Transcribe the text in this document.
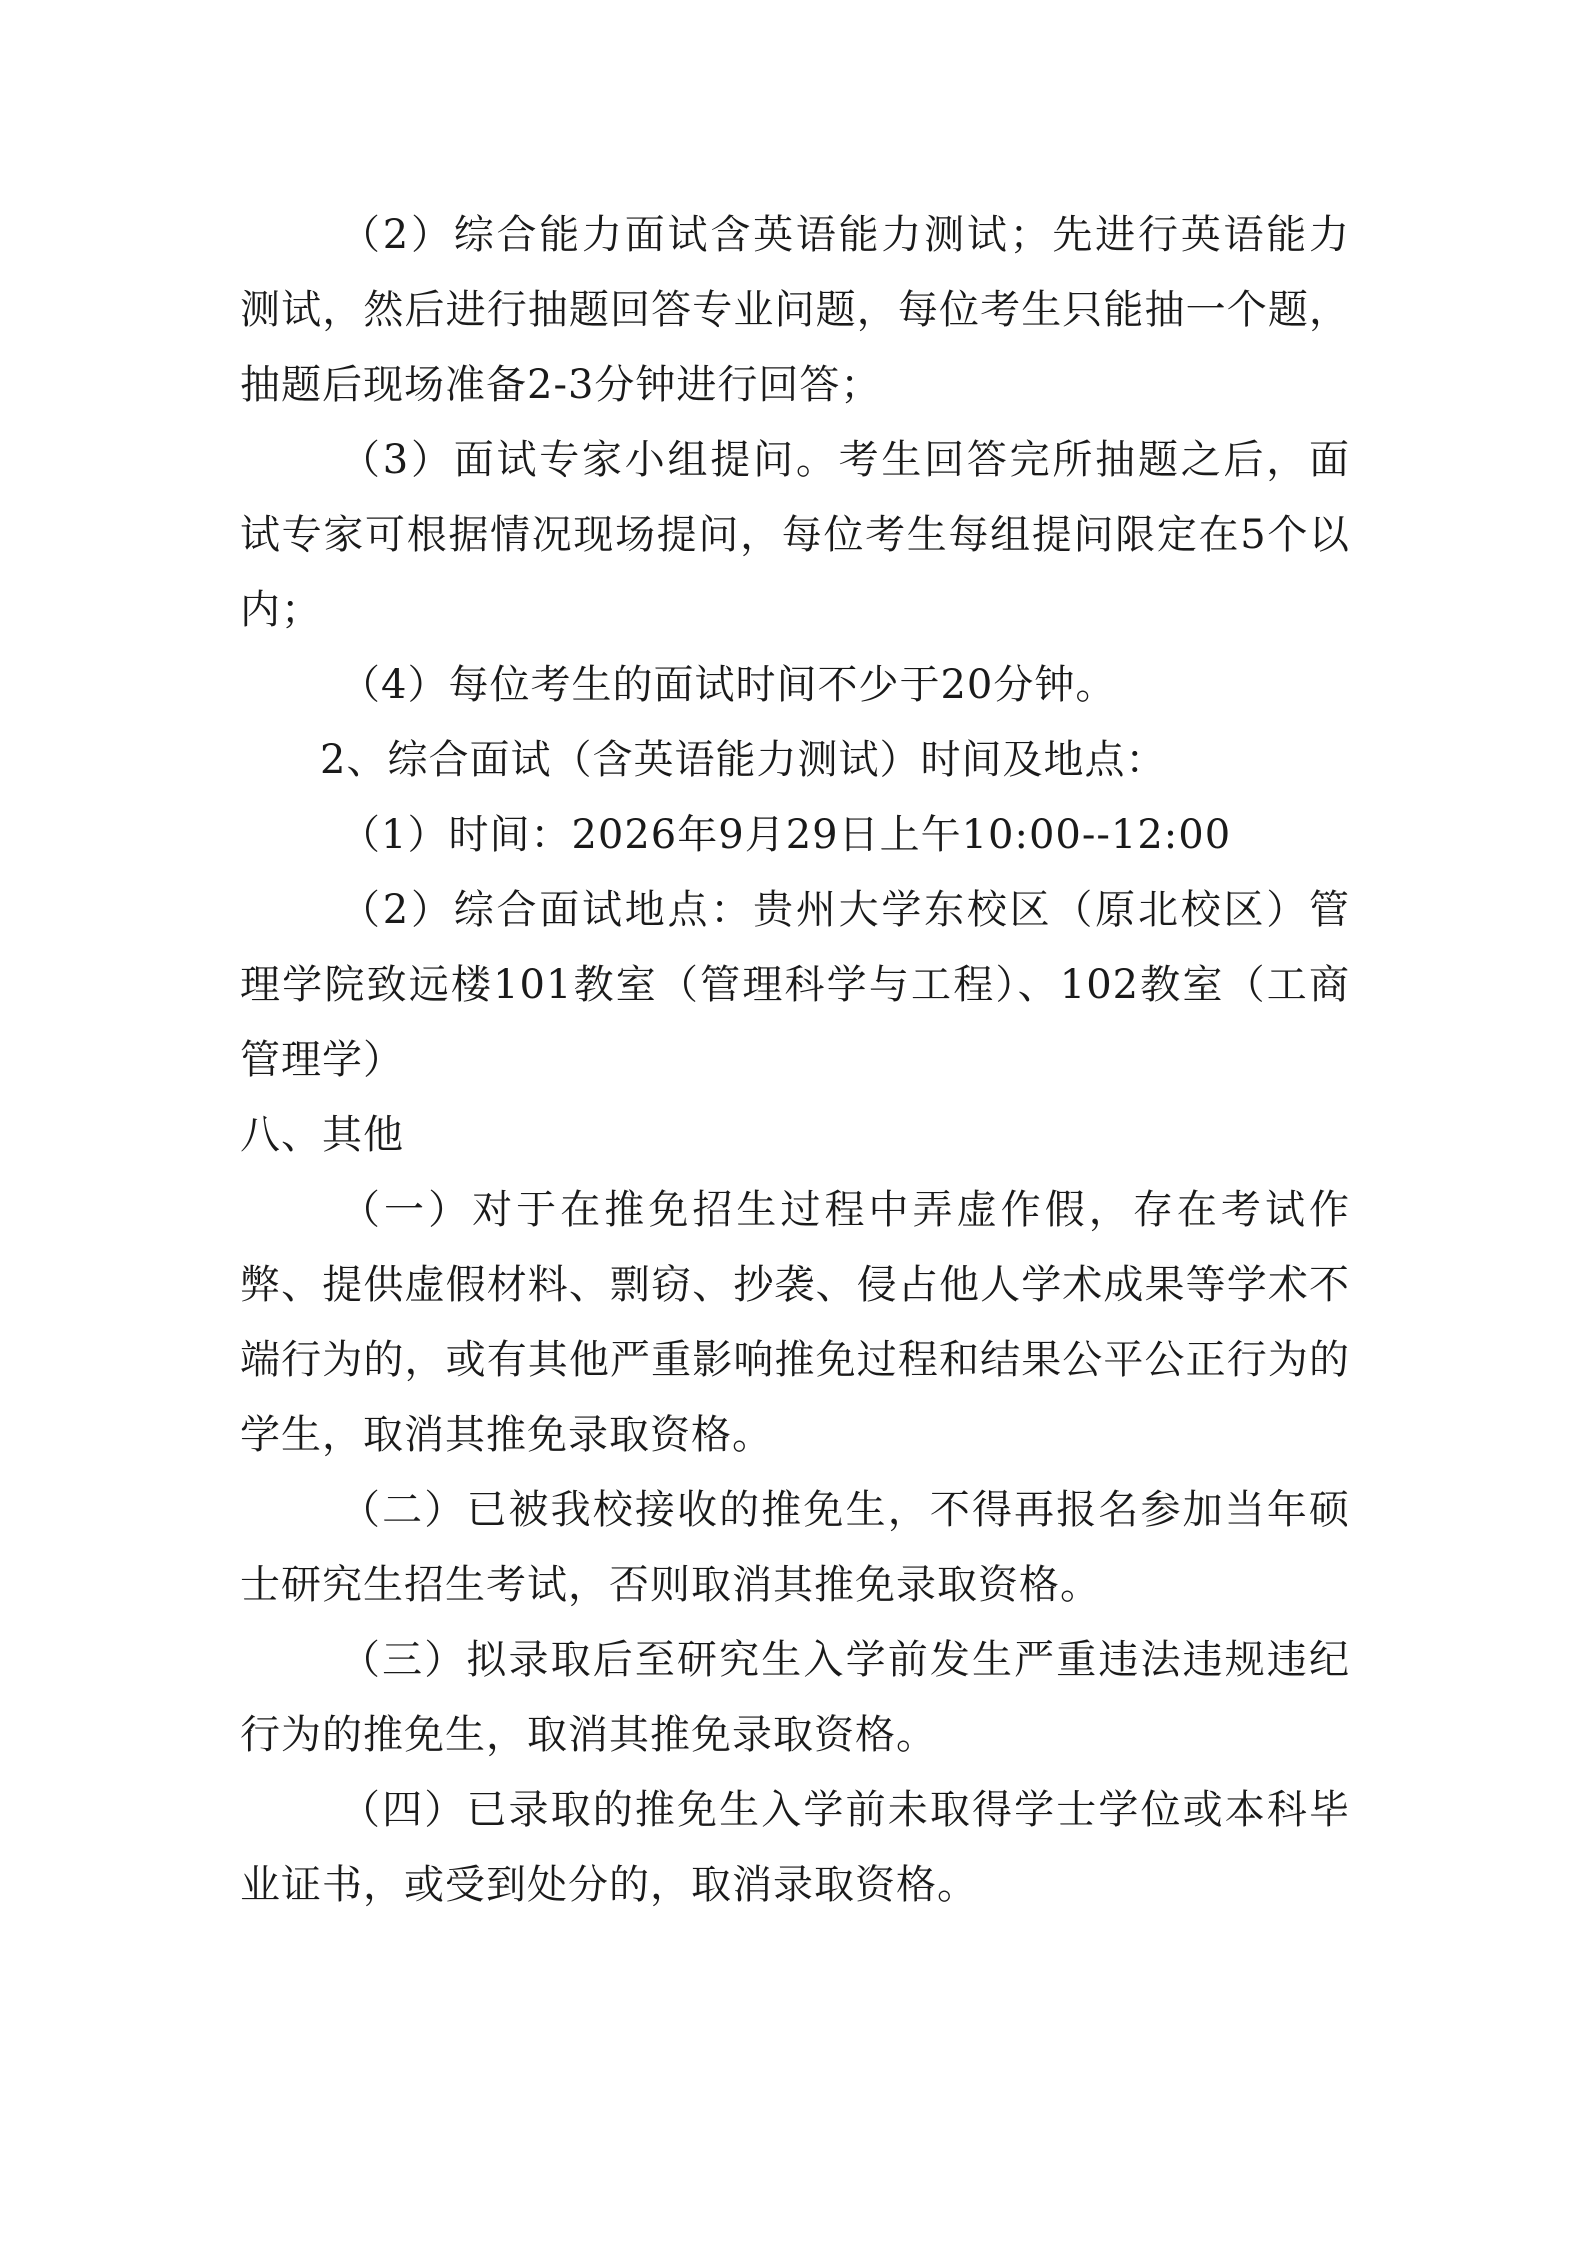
（2）综合能力面试含英语能力测试；先进行英语能力测试，然后进行抽题回答专业问题，每位考生只能抽一个题，抽题后现场准备2-3分钟进行回答；

（3）面试专家小组提问。考生回答完所抽题之后，面试专家可根据情况现场提问，每位考生每组提问限定在5个以内；

（4）每位考生的面试时间不少于20分钟。

2、综合面试（含英语能力测试）时间及地点：

（1）时间：2026年9月29日上午10:00--12:00

（2）综合面试地点：贵州大学东校区（原北校区）管理学院致远楼101教室（管理科学与工程）、102教室（工商管理学）

八、其他

（一）对于在推免招生过程中弄虚作假，存在考试作弊、提供虚假材料、剽窃、抄袭、侵占他人学术成果等学术不端行为的，或有其他严重影响推免过程和结果公平公正行为的学生，取消其推免录取资格。

（二）已被我校接收的推免生，不得再报名参加当年硕士研究生招生考试，否则取消其推免录取资格。

（三）拟录取后至研究生入学前发生严重违法违规违纪行为的推免生，取消其推免录取资格。

（四）已录取的推免生入学前未取得学士学位或本科毕业证书，或受到处分的，取消录取资格。
